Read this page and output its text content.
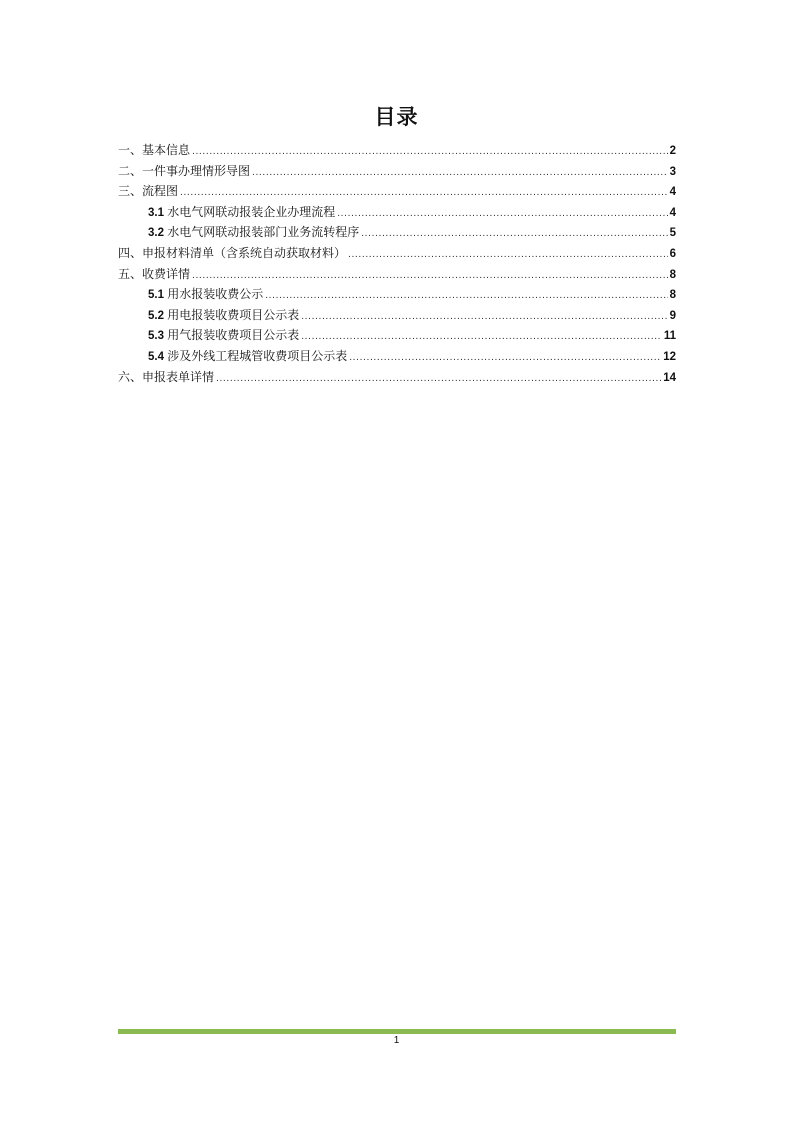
目录
一、基本信息 .....	2
二、一件事办理情形导图 .....	3
三、流程图 .....	4
3.1 水电气网联动报装企业办理流程 .....	4
3.2 水电气网联动报装部门业务流转程序 .....	5
四、申报材料清单（含系统自动获取材料） .....	6
五、收费详情 .....	8
5.1 用水报装收费公示 .....	8
5.2 用电报装收费项目公示表 .....	9
5.3 用气报装收费项目公示表 .....	11
5.4 涉及外线工程城管收费项目公示表 .....	12
六、申报表单详情 .....	14
1
